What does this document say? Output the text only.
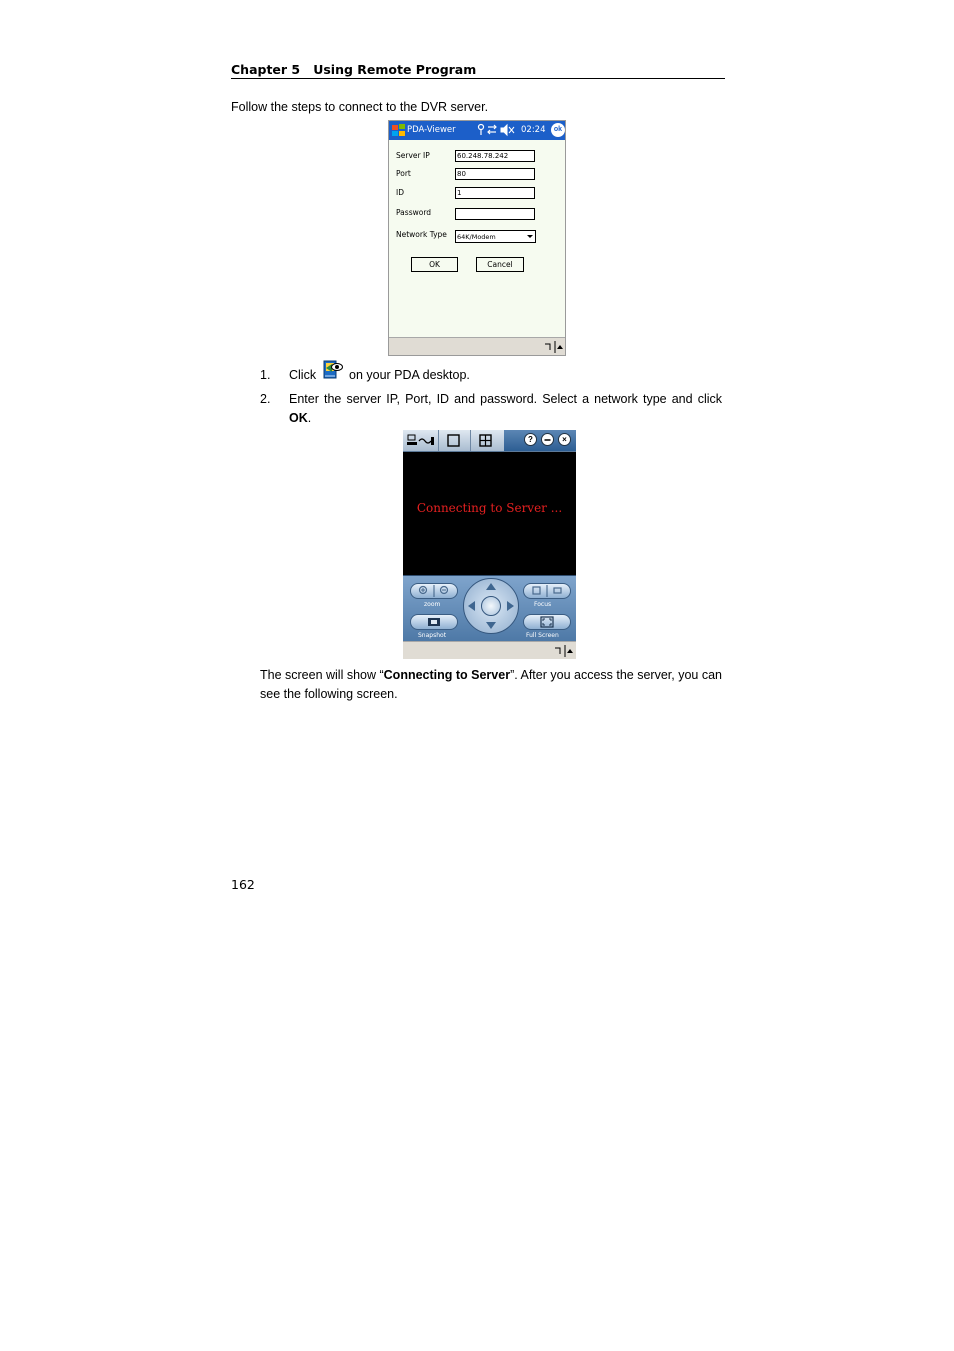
Chapter 5 Using Remote Program
Follow the steps to connect to the DVR server.
PDA-Viewer	02:24	ok
Server IP	60.248.78.242
Port	80
ID	1
Password
Network Type	64K/Modem
OK	Cancel
1. Click	on your PDA desktop.
2. Enter the server IP, Port, ID and password. Select a network type and click OK.
?	×
Connecting to Server ...
zoom
Snapshot
Focus
Full Screen
The screen will show “Connecting to Server”. After you access the server, you can see the following screen.
162
